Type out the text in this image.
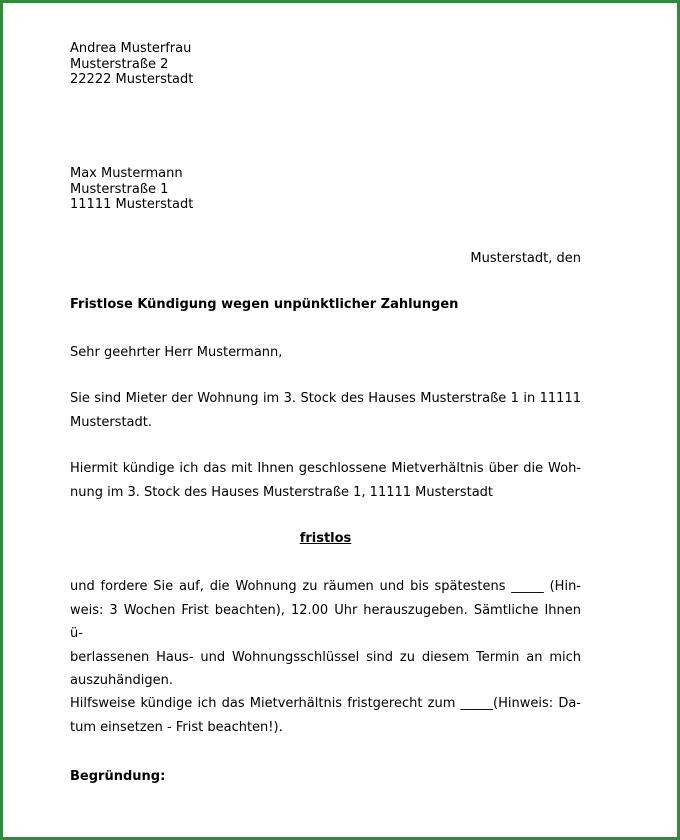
Andrea Musterfrau
Musterstraße 2
22222 Musterstadt
Max Mustermann
Musterstraße 1
11111 Musterstadt
Musterstadt, den
Fristlose Kündigung wegen unpünktlicher Zahlungen
Sehr geehrter Herr Mustermann,
Sie sind Mieter der Wohnung im 3. Stock des Hauses Musterstraße 1 in 11111
Musterstadt.
Hiermit kündige ich das mit Ihnen geschlossene Mietverhältnis über die Woh-
nung im 3. Stock des Hauses Musterstraße 1, 11111 Musterstadt
fristlos
und fordere Sie auf, die Wohnung zu räumen und bis spätestens _____ (Hin-
weis: 3 Wochen Frist beachten), 12.00 Uhr herauszugeben. Sämtliche Ihnen ü-
berlassenen Haus- und Wohnungsschlüssel sind zu diesem Termin an mich
auszuhändigen.
Hilfsweise kündige ich das Mietverhältnis fristgerecht zum _____(Hinweis: Da-
tum einsetzen - Frist beachten!).
Begründung:
